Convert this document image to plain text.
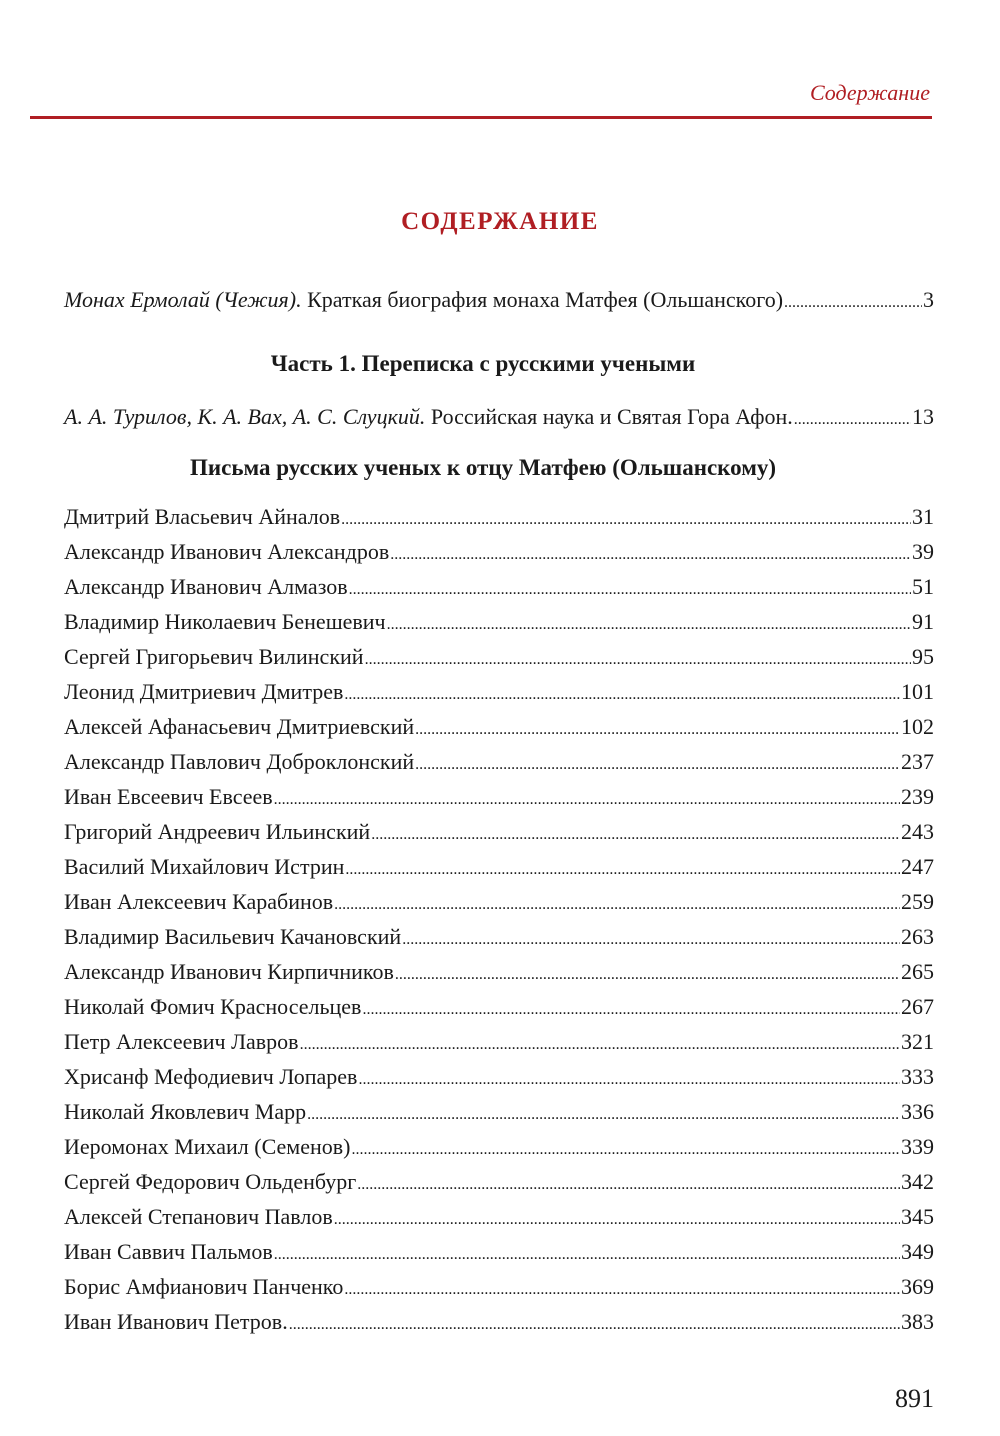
Содержание
СОДЕРЖАНИЕ
Монах Ермолай (Чежия).
Краткая биография монаха Матфея (Ольшанского) .....	3
Часть 1. Переписка с русскими учеными
А. А. Турилов, К. А. Вах, А. С. Слуцкий.
Российская наука и Святая Гора Афон. .....	13
Письма русских ученых к отцу Матфею (Ольшанскому)
Дмитрий Власьевич Айналов .....	31
Александр Иванович Александров .....	39
Александр Иванович Алмазов .....	51
Владимир Николаевич Бенешевич .....	91
Сергей Григорьевич Вилинский .....	95
Леонид Дмитриевич Дмитрев .....	101
Алексей Афанасьевич Дмитриевский .....	102
Александр Павлович Доброклонский .....	237
Иван Евсеевич Евсеев .....	239
Григорий Андреевич Ильинский .....	243
Василий Михайлович Истрин .....	247
Иван Алексеевич Карабинов .....	259
Владимир Васильевич Качановский .....	263
Александр Иванович Кирпичников .....	265
Николай Фомич Красносельцев .....	267
Петр Алексеевич Лавров .....	321
Хрисанф Мефодиевич Лопарев .....	333
Николай Яковлевич Марр .....	336
Иеромонах Михаил (Семенов) .....	339
Сергей Федорович Ольденбург .....	342
Алексей Степанович Павлов .....	345
Иван Саввич Пальмов .....	349
Борис Амфианович Панченко .....	369
Иван Иванович Петров. .....	383
891
